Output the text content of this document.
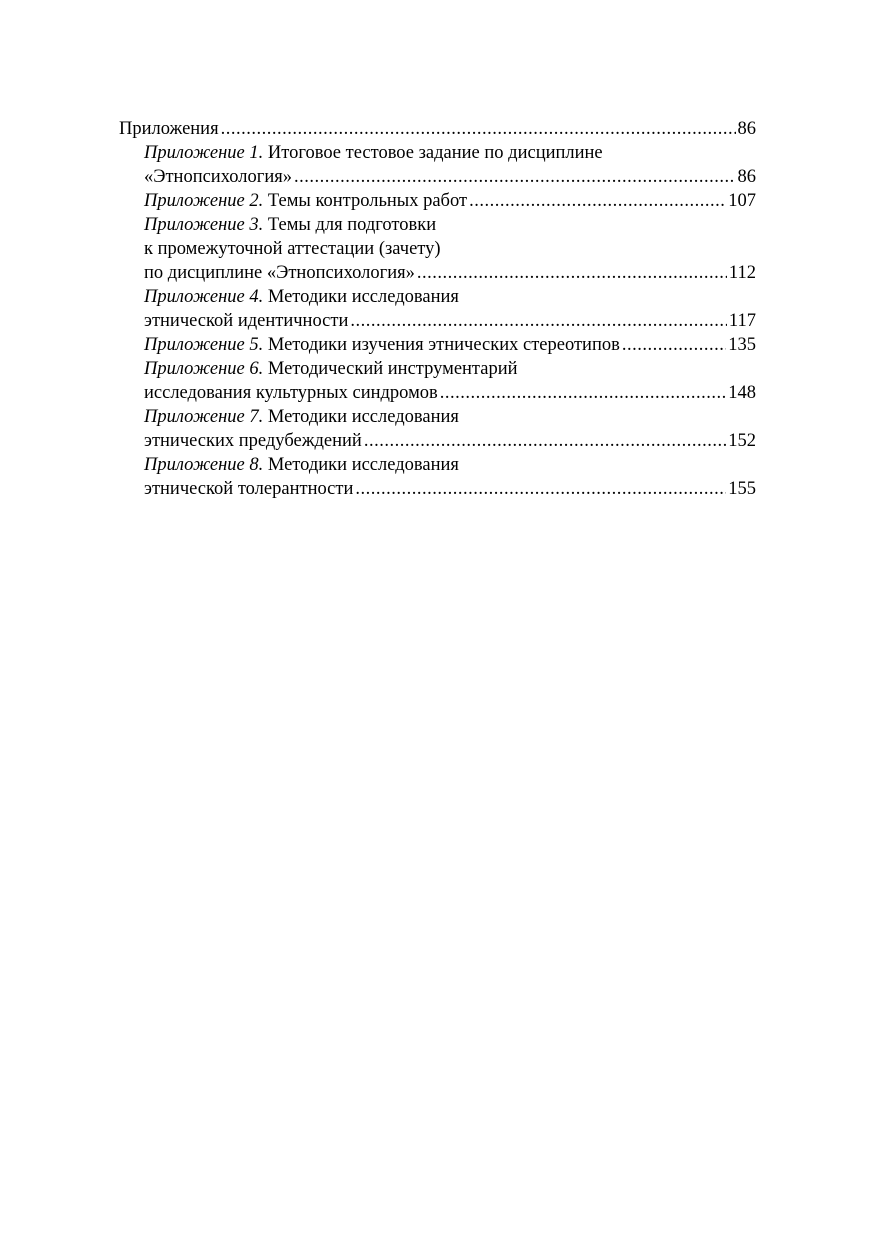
Приложения .....	86
Приложение 1. Итоговое тестовое задание по дисциплине
«Этнопсихология» .....	86
Приложение 2. Темы контрольных работ .....	107
Приложение 3. Темы для подготовки
к промежуточной аттестации (зачету)
по дисциплине «Этнопсихология» .....	112
Приложение 4. Методики исследования
этнической идентичности .....	117
Приложение 5. Методики изучения этнических стереотипов .....	135
Приложение 6. Методический инструментарий
исследования культурных синдромов .....	148
Приложение 7. Методики исследования
этнических предубеждений .....	152
Приложение 8. Методики исследования
этнической толерантности .....	155
